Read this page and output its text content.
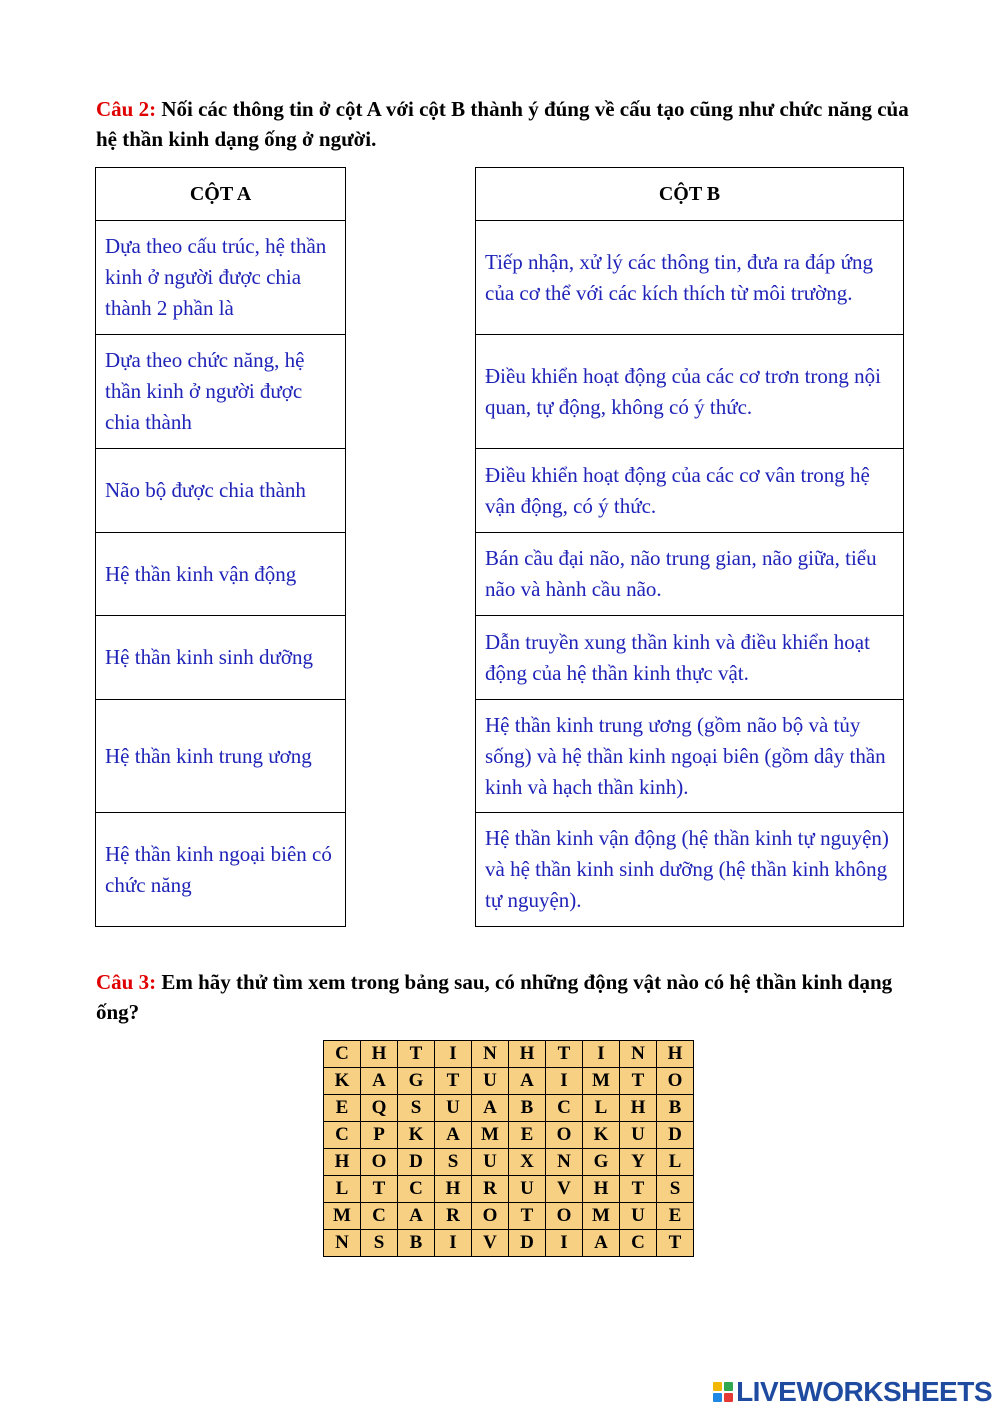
Câu 2: Nối các thông tin ở cột A với cột B thành ý đúng về cấu tạo cũng như chức năng của hệ thần kinh dạng ống ở người.
CỘT A
Dựa theo cấu trúc, hệ thần kinh ở người được chia thành 2 phần là
Dựa theo chức năng, hệ thần kinh ở người được chia thành
Não bộ được chia thành
Hệ thần kinh vận động
Hệ thần kinh sinh dưỡng
Hệ thần kinh trung ương
Hệ thần kinh ngoại biên có chức năng
CỘT B
Tiếp nhận, xử lý các thông tin, đưa ra đáp ứng của cơ thể với các kích thích từ môi trường.
Điều khiển hoạt động của các cơ trơn trong nội quan, tự động, không có ý thức.
Điều khiển hoạt động của các cơ vân trong hệ vận động, có ý thức.
Bán cầu đại não, não trung gian, não giữa, tiểu não và hành cầu não.
Dẫn truyền xung thần kinh và điều khiển hoạt động của hệ thần kinh thực vật.
Hệ thần kinh trung ương (gồm não bộ và tủy sống) và hệ thần kinh ngoại biên (gồm dây thần kinh và hạch thần kinh).
Hệ thần kinh vận động (hệ thần kinh tự nguyện) và hệ thần kinh sinh dưỡng (hệ thần kinh không tự nguyện).
Câu 3: Em hãy thử tìm xem trong bảng sau, có những động vật nào có hệ thần kinh dạng ống?
C	H	T	I	N	H	T	I	N	H
K	A	G	T	U	A	I	M	T	O
E	Q	S	U	A	B	C	L	H	B
C	P	K	A	M	E	O	K	U	D
H	O	D	S	U	X	N	G	Y	L
L	T	C	H	R	U	V	H	T	S
M	C	A	R	O	T	O	M	U	E
N	S	B	I	V	D	I	A	C	T
LIVEWORKSHEETS
